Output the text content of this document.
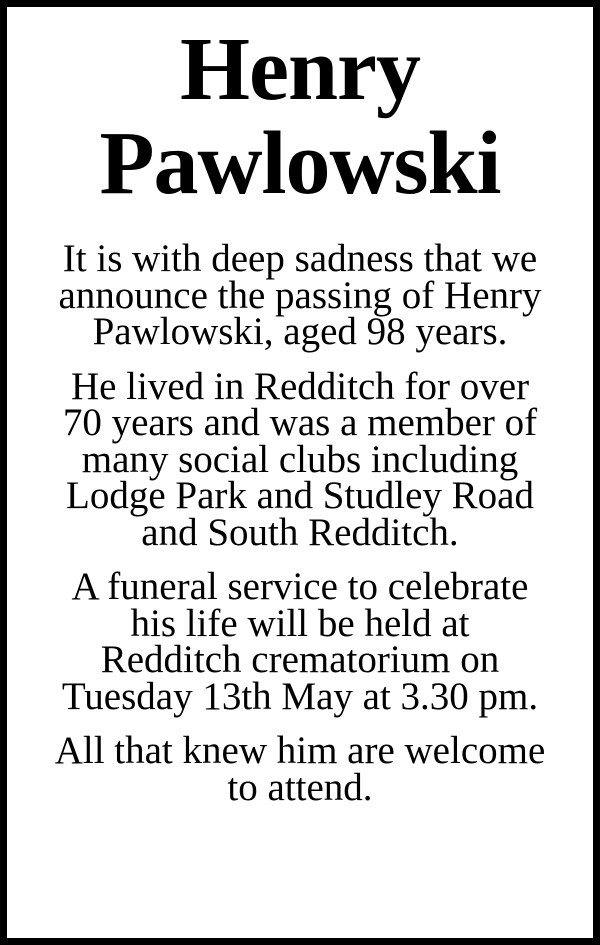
Henry
Pawlowski

It is with deep sadness that we
announce the passing of Henry
Pawlowski, aged 98 years.

He lived in Redditch for over
70 years and was a member of
many social clubs including
Lodge Park and Studley Road
and South Redditch.

A funeral service to celebrate
his life will be held at
Redditch crematorium on
Tuesday 13th May at 3.30 pm.

All that knew him are welcome
to attend.
